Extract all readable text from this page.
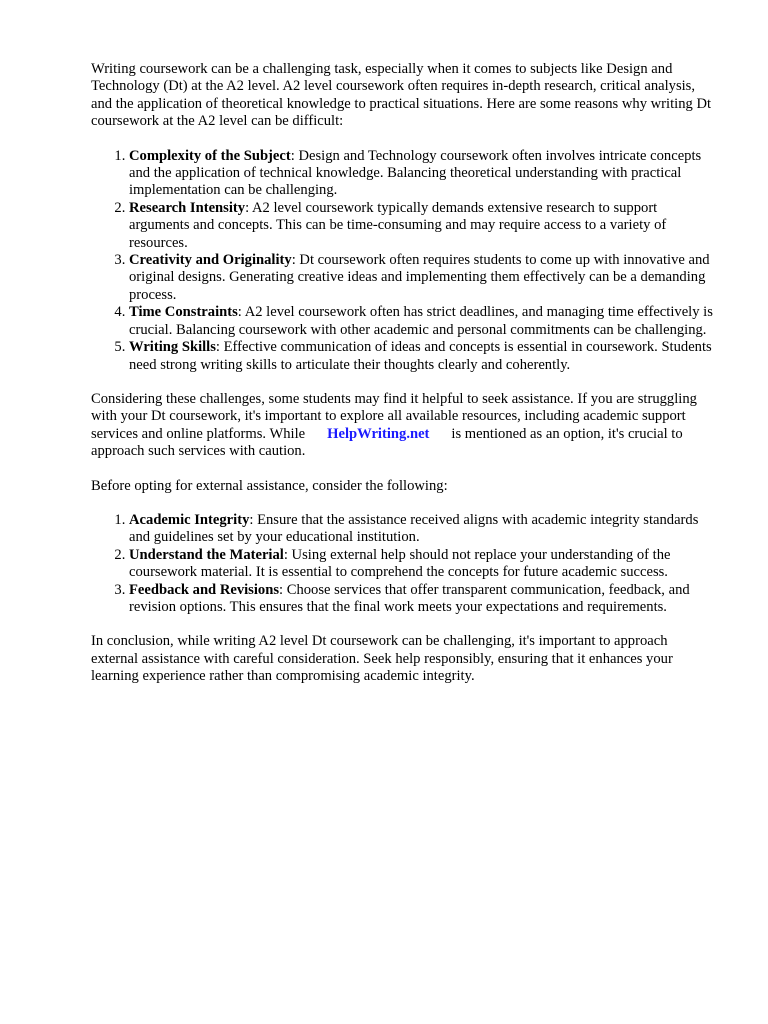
Writing coursework can be a challenging task, especially when it comes to subjects like Design and Technology (Dt) at the A2 level. A2 level coursework often requires in-depth research, critical analysis, and the application of theoretical knowledge to practical situations. Here are some reasons why writing Dt coursework at the A2 level can be difficult:

1. Complexity of the Subject: Design and Technology coursework often involves intricate concepts and the application of technical knowledge. Balancing theoretical understanding with practical implementation can be challenging.
2. Research Intensity: A2 level coursework typically demands extensive research to support arguments and concepts. This can be time-consuming and may require access to a variety of resources.
3. Creativity and Originality: Dt coursework often requires students to come up with innovative and original designs. Generating creative ideas and implementing them effectively can be a demanding process.
4. Time Constraints: A2 level coursework often has strict deadlines, and managing time effectively is crucial. Balancing coursework with other academic and personal commitments can be challenging.
5. Writing Skills: Effective communication of ideas and concepts is essential in coursework. Students need strong writing skills to articulate their thoughts clearly and coherently.

Considering these challenges, some students may find it helpful to seek assistance. If you are struggling with your Dt coursework, it's important to explore all available resources, including academic support services and online platforms. While HelpWriting.net is mentioned as an option, it's crucial to approach such services with caution.

Before opting for external assistance, consider the following:

1. Academic Integrity: Ensure that the assistance received aligns with academic integrity standards and guidelines set by your educational institution.
2. Understand the Material: Using external help should not replace your understanding of the coursework material. It is essential to comprehend the concepts for future academic success.
3. Feedback and Revisions: Choose services that offer transparent communication, feedback, and revision options. This ensures that the final work meets your expectations and requirements.

In conclusion, while writing A2 level Dt coursework can be challenging, it's important to approach external assistance with careful consideration. Seek help responsibly, ensuring that it enhances your learning experience rather than compromising academic integrity.
